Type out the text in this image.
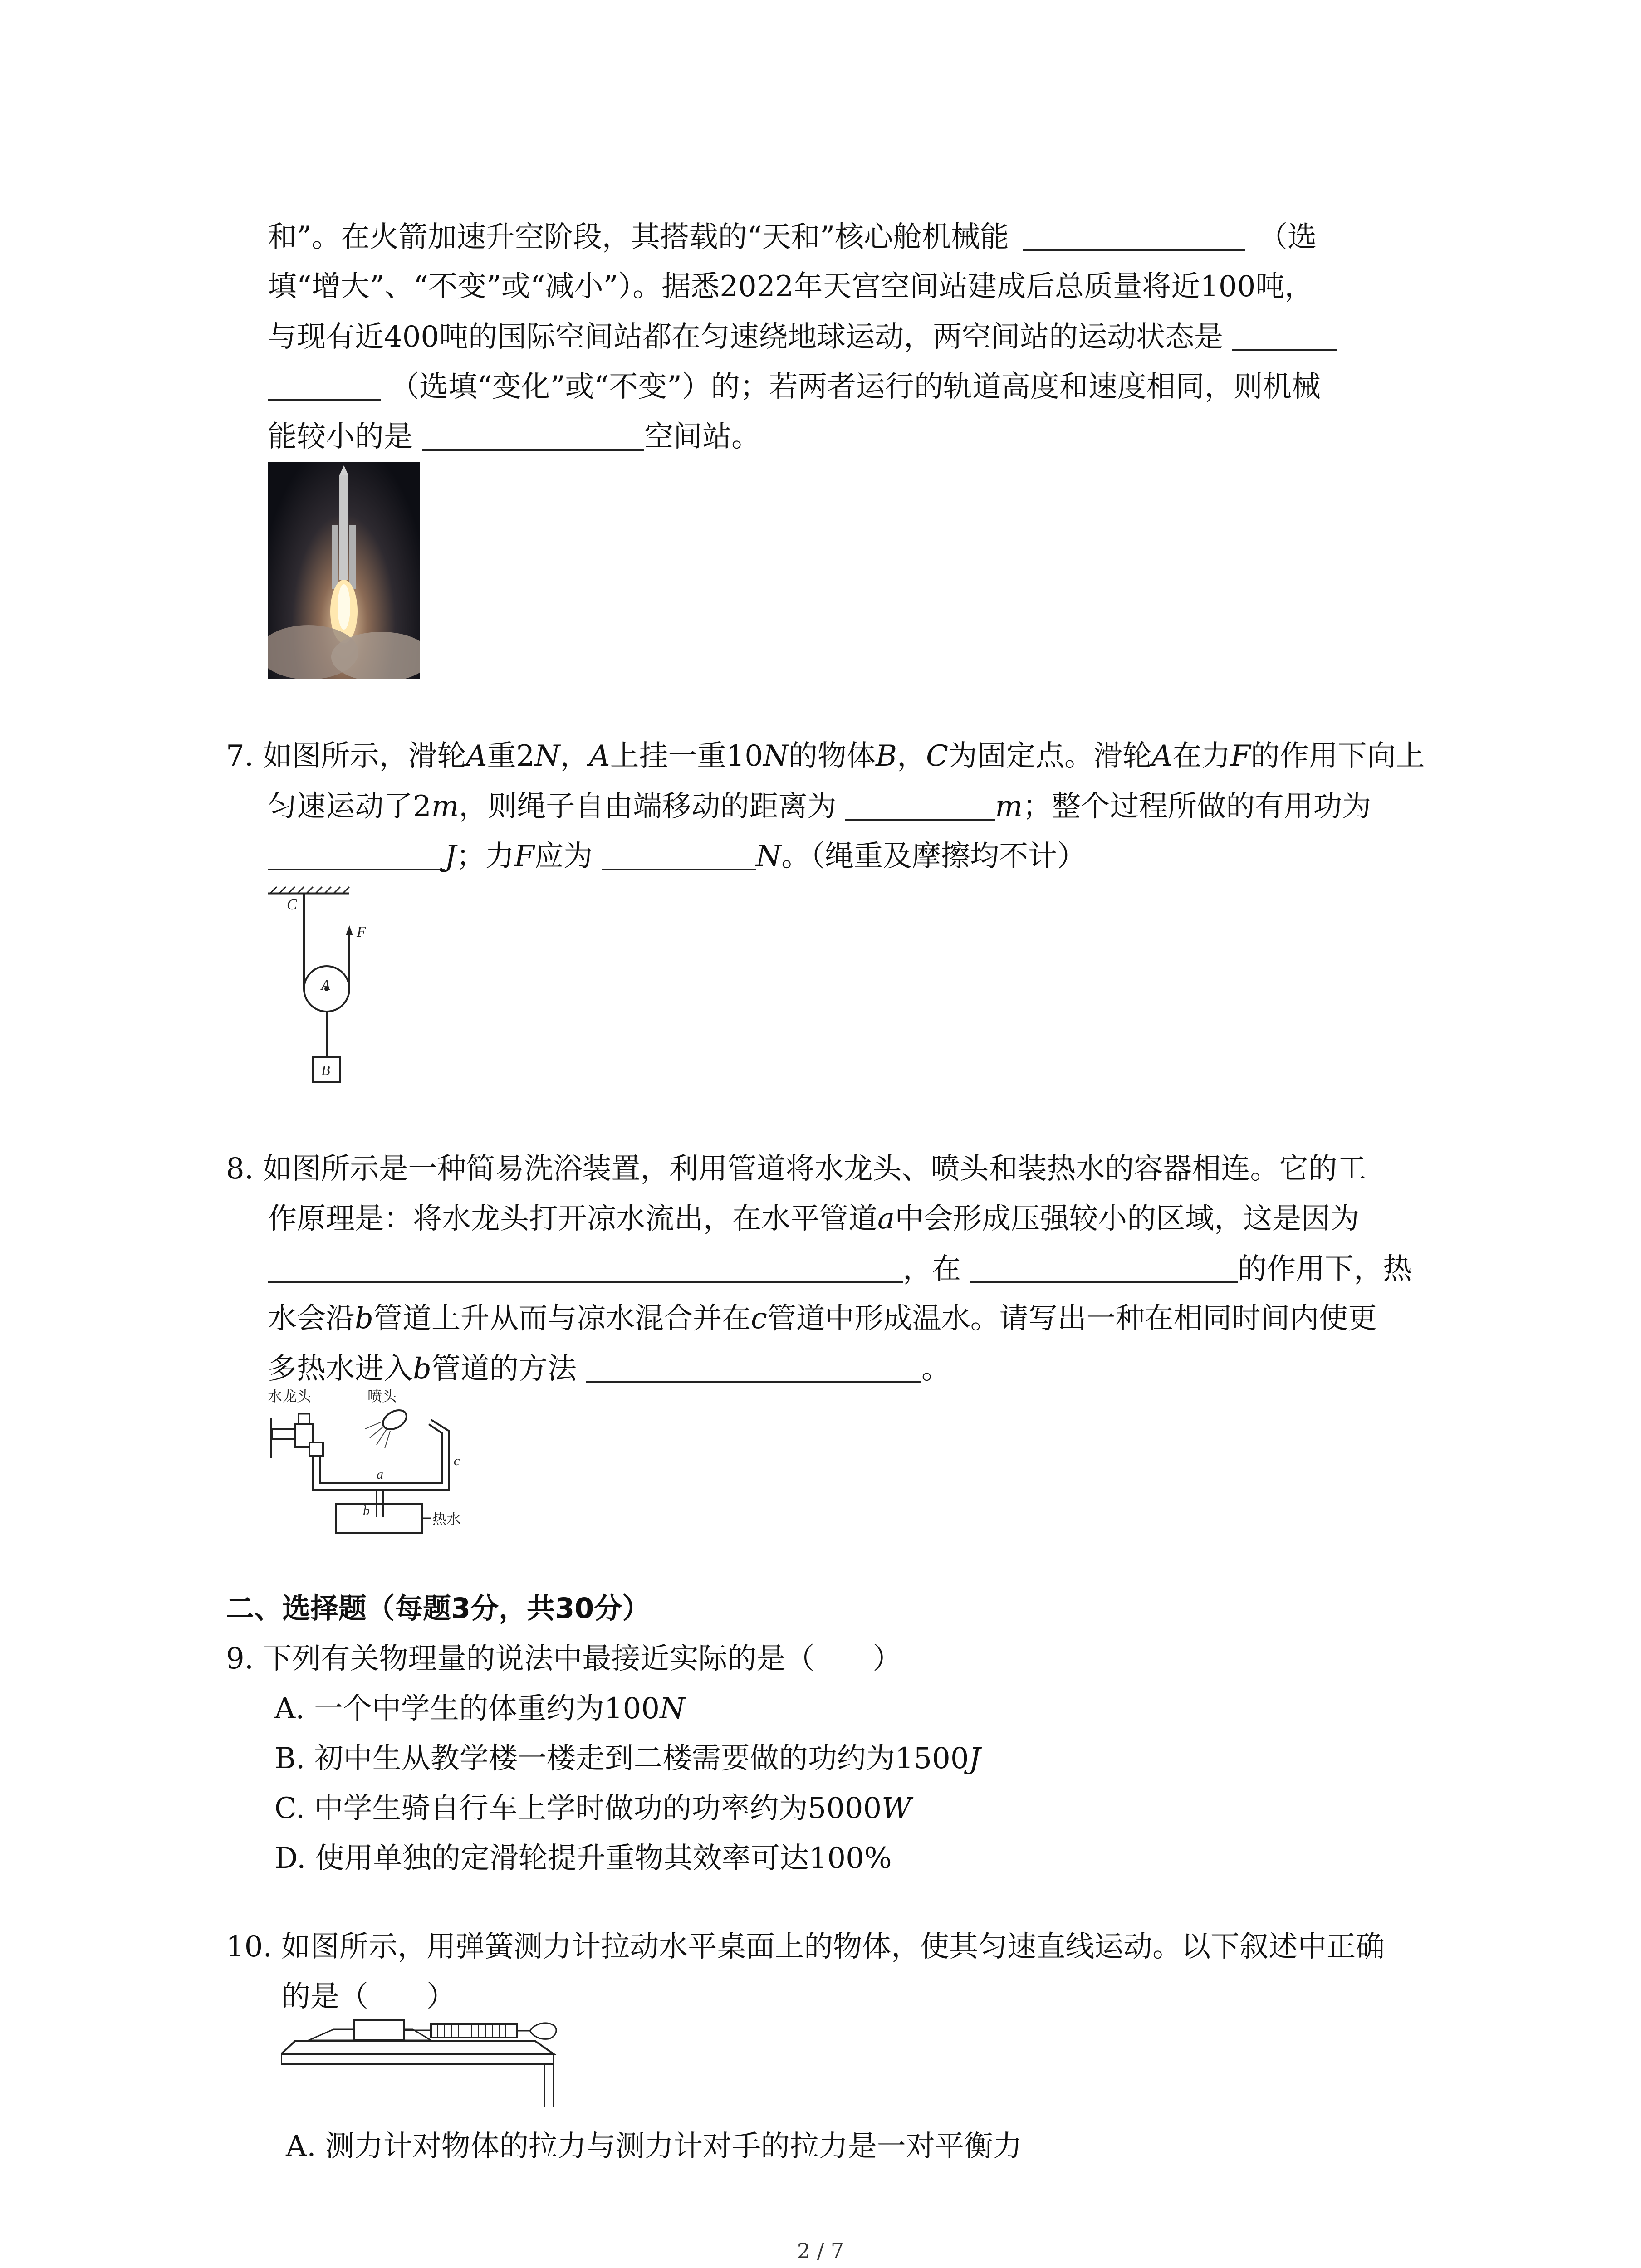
和”。在火箭加速升空阶段，其搭载的“天和”核心舱机械能	（选
填“增大”、“不变”或“减小”）。据悉2022年天宫空间站建成后总质量将近100吨，
与现有近400吨的国际空间站都在匀速绕地球运动，两空间站的运动状态是
（选填“变化”或“不变”）的；若两者运行的轨道高度和速度相同，则机械
能较小的是	空间站。
7. 如图所示，滑轮A重2N，A上挂一重10N的物体B，C为固定点。滑轮A在力F的作用下向上
匀速运动了2m，则绳子自由端移动的距离为	m；整个过程所做的有用功为
J；力F应为	N。（绳重及摩擦均不计）
C
F
A
B
8. 如图所示是一种简易洗浴装置，利用管道将水龙头、喷头和装热水的容器相连。它的工
作原理是：将水龙头打开凉水流出，在水平管道a中会形成压强较小的区域，这是因为
，在	的作用下，热
水会沿b管道上升从而与凉水混合并在c管道中形成温水。请写出一种在相同时间内使更
多热水进入b管道的方法	。
水龙头	喷头
a
b
c
热水
二、选择题（每题3分，共30分）
9. 下列有关物理量的说法中最接近实际的是（　　）
A. 一个中学生的体重约为100N
B. 初中生从教学楼一楼走到二楼需要做的功约为1500J
C. 中学生骑自行车上学时做功的功率约为5000W
D. 使用单独的定滑轮提升重物其效率可达100%
10. 如图所示，用弹簧测力计拉动水平桌面上的物体，使其匀速直线运动。以下叙述中正确
的是（　　）
A. 测力计对物体的拉力与测力计对手的拉力是一对平衡力
2 / 7
